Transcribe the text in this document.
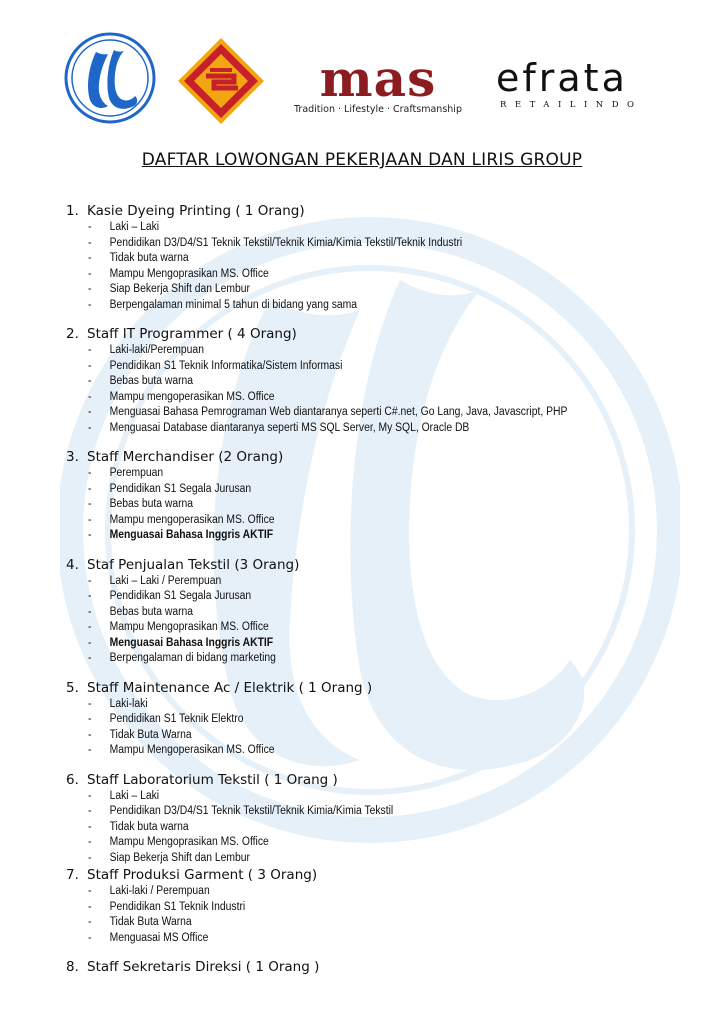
mas
Tradition · Lifestyle · Craftsmanship
efrata
RETAILINDO
DAFTAR LOWONGAN PEKERJAAN DAN LIRIS GROUP
1. Kasie Dyeing Printing ( 1 Orang)
-	Laki – Laki
-	Pendidikan D3/D4/S1 Teknik Tekstil/Teknik Kimia/Kimia Tekstil/Teknik Industri
-	Tidak buta warna
-	Mampu Mengoprasikan MS. Office
-	Siap Bekerja Shift dan Lembur
-	Berpengalaman minimal 5 tahun di bidang yang sama
2. Staff IT Programmer ( 4 Orang)
-	Laki-laki/Perempuan
-	Pendidikan S1 Teknik Informatika/Sistem Informasi
-	Bebas buta warna
-	Mampu mengoperasikan MS. Office
-	Menguasai Bahasa Pemrograman Web diantaranya seperti C#.net, Go Lang, Java, Javascript, PHP
-	Menguasai Database diantaranya seperti MS SQL Server, My SQL, Oracle DB
3. Staff Merchandiser (2 Orang)
-	Perempuan
-	Pendidikan S1 Segala Jurusan
-	Bebas buta warna
-	Mampu mengoperasikan MS. Office
-	Menguasai Bahasa Inggris AKTIF
4. Staf Penjualan Tekstil (3 Orang)
-	Laki – Laki / Perempuan
-	Pendidikan S1 Segala Jurusan
-	Bebas buta warna
-	Mampu Mengoprasikan MS. Office
-	Menguasai Bahasa Inggris AKTIF
-	Berpengalaman di bidang marketing
5. Staff Maintenance Ac / Elektrik ( 1 Orang )
-	Laki-laki
-	Pendidikan S1 Teknik Elektro
-	Tidak Buta Warna
-	Mampu Mengoperasikan MS. Office
6. Staff Laboratorium Tekstil ( 1 Orang )
-	Laki – Laki
-	Pendidikan D3/D4/S1 Teknik Tekstil/Teknik Kimia/Kimia Tekstil
-	Tidak buta warna
-	Mampu Mengoprasikan MS. Office
-	Siap Bekerja Shift dan Lembur
7. Staff Produksi Garment ( 3 Orang)
-	Laki-laki / Perempuan
-	Pendidikan S1 Teknik Industri
-	Tidak Buta Warna
-	Menguasai MS Office
8. Staff Sekretaris Direksi ( 1 Orang )
